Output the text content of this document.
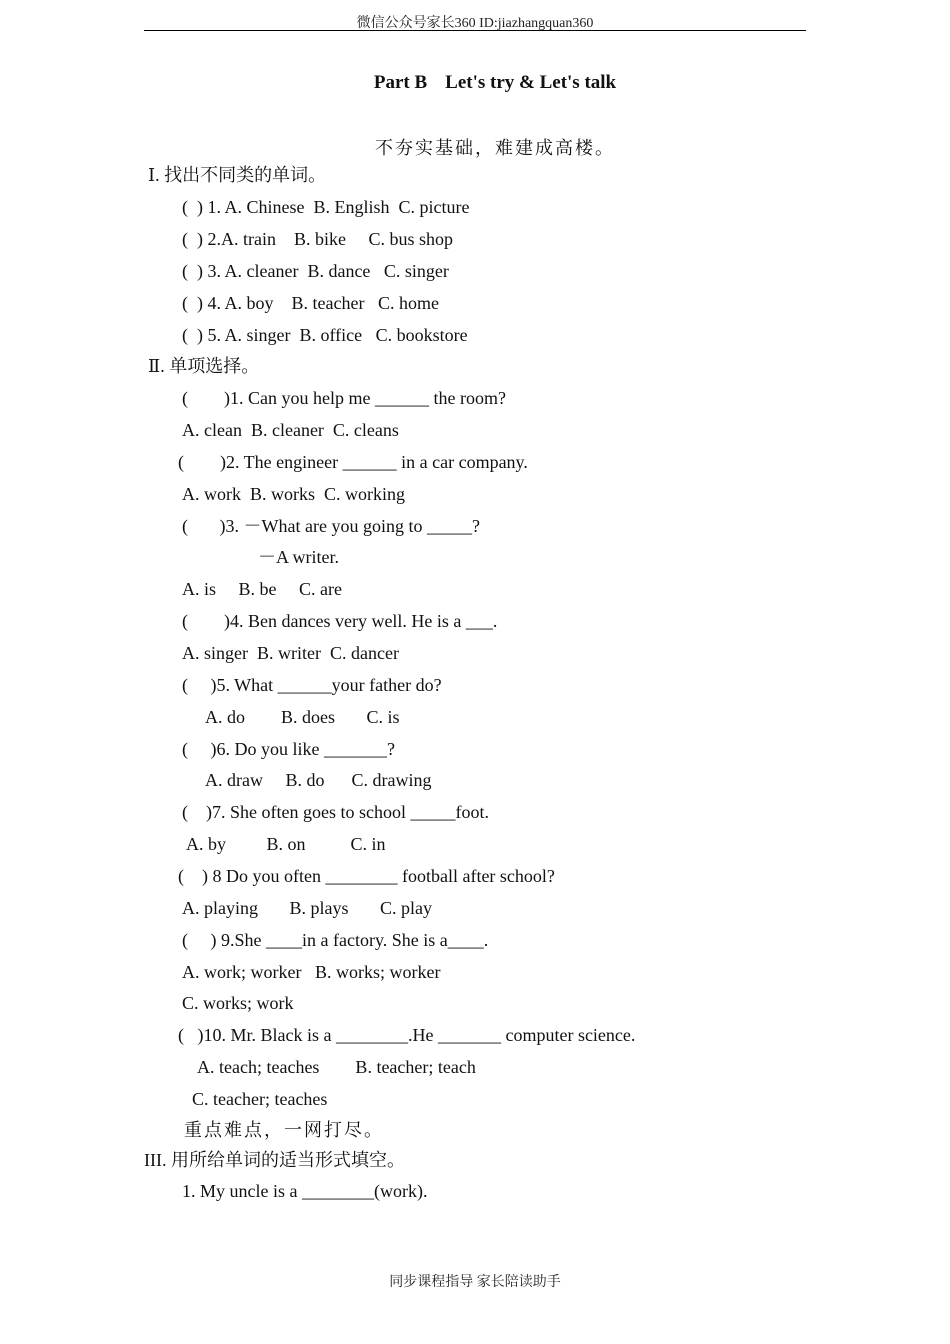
微信公众号家长360 ID:jiazhangquan360
Part B Let's try & Let's talk
不夯实基础，难建成高楼。
Ⅰ. 找出不同类的单词。
(  ) 1. A. Chinese  B. English  C. picture
(  ) 2.A. train    B. bike     C. bus shop
(  ) 3. A. cleaner  B. dance   C. singer
(  ) 4. A. boy    B. teacher   C. home
(  ) 5. A. singer  B. office   C. bookstore
Ⅱ. 单项选择。
(        )1. Can you help me ______ the room?
A. clean  B. cleaner  C. cleans
(        )2. The engineer ______ in a car company.
A. work  B. works  C. working
(       )3. －What are you going to _____?
－A writer.
A. is     B. be     C. are
(        )4. Ben dances very well. He is a ___.
A. singer  B. writer  C. dancer
(     )5. What ______your father do?
A. do        B. does       C. is
(     )6. Do you like _______?
A. draw     B. do      C. drawing
(    )7. She often goes to school _____foot.
A. by         B. on          C. in
(    ) 8 Do you often ________ football after school?
A. playing       B. plays       C. play
(     ) 9.She ____in a factory. She is a____.
A. work; worker   B. works; worker
C. works; work
(   )10. Mr. Black is a ________.He _______ computer science.
A. teach; teaches        B. teacher; teach
C. teacher; teaches
重点难点，一网打尽。
III. 用所给单词的适当形式填空。
1. My uncle is a ________(work).
同步课程指导 家长陪读助手
